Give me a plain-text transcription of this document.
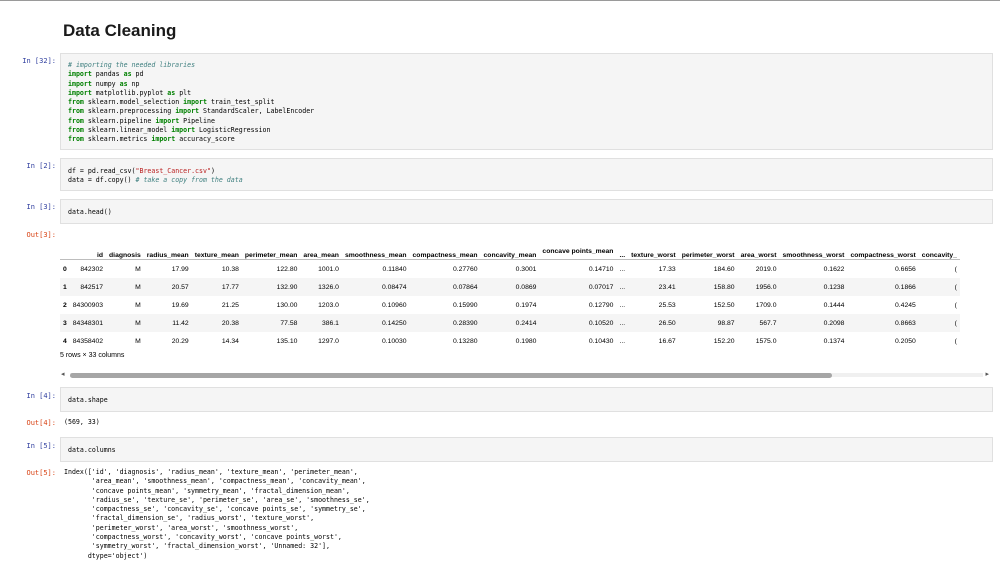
Data Cleaning
In [32]: # importing the needed libraries
import pandas as pd
import numpy as np
import matplotlib.pyplot as plt
from sklearn.model_selection import train_test_split
from sklearn.preprocessing import StandardScaler, LabelEncoder
from sklearn.pipeline import Pipeline
from sklearn.linear_model import LogisticRegression
from sklearn.metrics import accuracy_score
In [2]:
df = pd.read_csv("Breast_Cancer.csv")
data = df.copy() # take a copy from the data
In [3]:
data.head()
Out[3]:
	id	diagnosis	radius_mean	texture_mean	perimeter_mean	area_mean	smoothness_mean	compactness_mean	concavity_mean	concave points_mean	...	texture_worst	perimeter_worst	area_worst	smoothness_worst	compactness_worst	concavity_
0	842302	M	17.99	10.38	122.80	1001.0	0.11840	0.27760	0.3001	0.14710	...	17.33	184.60	2019.0	0.1622	0.6656	(
1	842517	M	20.57	17.77	132.90	1326.0	0.08474	0.07864	0.0869	0.07017	...	23.41	158.80	1956.0	0.1238	0.1866	(
2	84300903	M	19.69	21.25	130.00	1203.0	0.10960	0.15990	0.1974	0.12790	...	25.53	152.50	1709.0	0.1444	0.4245	(
3	84348301	M	11.42	20.38	77.58	386.1	0.14250	0.28390	0.2414	0.10520	...	26.50	98.87	567.7	0.2098	0.8663	(
4	84358402	M	20.29	14.34	135.10	1297.0	0.10030	0.13280	0.1980	0.10430	...	16.67	152.20	1575.0	0.1374	0.2050	(
5 rows × 33 columns
◂	▸
In [4]: data.shape
Out[4]: (569, 33)
In [5]: data.columns
Out[5]: Index(['id', 'diagnosis', 'radius_mean', 'texture_mean', 'perimeter_mean',
'area_mean', 'smoothness_mean', 'compactness_mean', 'concavity_mean',
'concave points_mean', 'symmetry_mean', 'fractal_dimension_mean',
'radius_se', 'texture_se', 'perimeter_se', 'area_se', 'smoothness_se',
'compactness_se', 'concavity_se', 'concave points_se', 'symmetry_se',
'fractal_dimension_se', 'radius_worst', 'texture_worst',
'perimeter_worst', 'area_worst', 'smoothness_worst',
'compactness_worst', 'concavity_worst', 'concave points_worst',
'symmetry_worst', 'fractal_dimension_worst', 'Unnamed: 32'],
dtype='object')
